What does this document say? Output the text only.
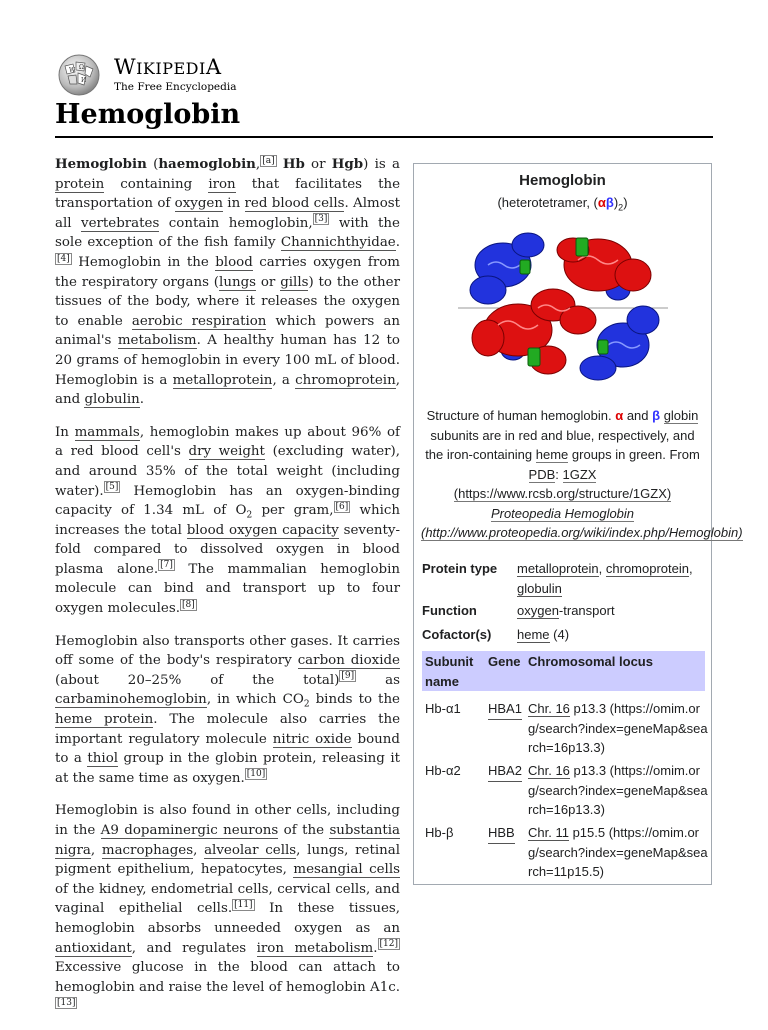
W Ω
И
WIKIPEDIA
The Free Encyclopedia
Hemoglobin

Hemoglobin (haemoglobin, [a] Hb or Hgb) is a protein containing iron that facilitates the transportation of oxygen in red blood cells. Almost all vertebrates contain hemoglobin, [3] with the sole exception of the fish family Channichthyidae.[4] Hemoglobin in the blood carries oxygen from the respiratory organs (lungs or gills) to the other tissues of the body, where it releases the oxygen to enable aerobic respiration which powers an animal's metabolism. A healthy human has 12 to 20 grams of hemoglobin in every 100 mL of blood. Hemoglobin is a metalloprotein, a chromoprotein, and globulin.

In mammals, hemoglobin makes up about 96% of a red blood cell's dry weight (excluding water), and around 35% of the total weight (including water). [5] Hemoglobin has an oxygen-binding capacity of 1.34 mL of $O_2$ per gram, [6] which increases the total blood oxygen capacity seventy-fold compared to dissolved oxygen in blood plasma alone. [7] The mammalian hemoglobin molecule can bind and transport up to four oxygen molecules. [8]

Hemoglobin also transports other gases. It carries off some of the body's respiratory carbon dioxide (about 20–25% of the total) [9] as carbaminohemoglobin, in which $CO_2$ binds to the heme protein. The molecule also carries the important regulatory molecule nitric oxide bound to a thiol group in the globin protein, releasing it at the same time as oxygen. [10]

Hemoglobin is also found in other cells, including in the A9 dopaminergic neurons of the substantia nigra, macrophages, alveolar cells, lungs, retinal pigment epithelium, hepatocytes, mesangial cells of the kidney, endometrial cells, cervical cells, and vaginal epithelial cells. [11] In these tissues, hemoglobin absorbs unneeded oxygen as an antioxidant, and regulates iron metabolism. [12] Excessive glucose in the blood can attach to hemoglobin and raise the level of hemoglobin A1c.[13]

Hemoglobin
(heterotetramer, $(\alpha\beta)_2$)
Structure of human hemoglobin. α and β globin subunits are in red and blue, respectively, and the iron-containing heme groups in green. From PDB: 1GZX (https://www.rcsb.org/structure/1GZX) Proteopedia Hemoglobin (http://www.proteopedia.org/wiki/index.php/Hemoglobin)
Protein type metalloprotein, chromoprotein, globulin
Function	oxygen-transport
Cofactor(s) heme (4)
Subunit name
Gene Chromosomal locus
Hb-α1 HBA1 Chr. 16 p13.3 (https://omim.org/search?index=geneMap&search=16p13.3)
Hb-α2 HBA2 Chr. 16 p13.3 (https://omim.org/search?index=geneMap&search=16p13.3)
Hb-β	HBB Chr. 11 p15.5 (https://omim.org/search?index=geneMap&search=11p15.5)
